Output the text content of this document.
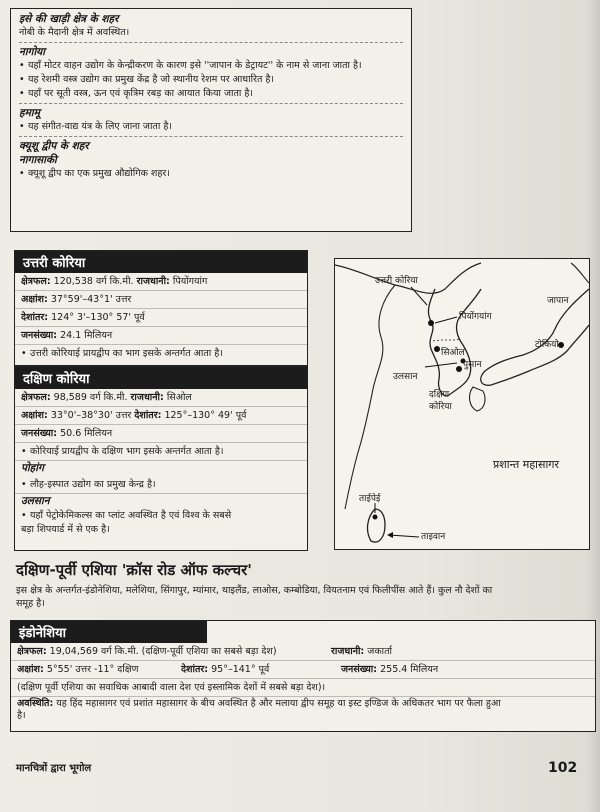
इसे की खाड़ी क्षेत्र के शहर
नोबी के मैदानी क्षेत्र में अवस्थित।
नागोया
• यहाँ मोटर वाहन उद्योग के केन्द्रीकरण के कारण इसे ''जापान के डेट्रायट'' के नाम से जाना जाता है।
• यह रेशमी वस्त्र उद्योग का प्रमुख केंद्र है जो स्थानीय रेशम पर आधारित है।
• यहाँ पर सूती वस्त्र, ऊन एवं कृत्रिम रबड़ का आयात किया जाता है।
हमामू
• यह संगीत-वाद्य यंत्र के लिए जाना जाता है।
क्यूशू द्वीप के शहर
नागासाकी
• क्यूशू द्वीप का एक प्रमुख औद्योगिक शहर।
उत्तरी कोरिया
क्षेत्रफल: 120,538 वर्ग कि.मी. राजधानी: पियोंगयांग
अक्षांश: 37°59'–43°1' उत्तर
देशांतर: 124° 3'–130° 57' पूर्व
जनसंख्या: 24.1 मिलियन
• उत्तरी कोरियाई प्रायद्वीप का भाग इसके अन्तर्गत आता है।
दक्षिण कोरिया
क्षेत्रफल: 98,589 वर्ग कि.मी. राजधानी: सिओल
अक्षांश: 33°0'–38°30' उत्तर देशांतर: 125°–130° 49' पूर्व
जनसंख्या: 50.6 मिलियन
• कोरियाई प्रायद्वीप के दक्षिण भाग इसके अन्तर्गत आता है।
पोहांग
• लौह-इस्पात उद्योग का प्रमुख केन्द्र है।
उलसान
• यहाँ पेट्रोकेमिकल्स का प्लांट अवस्थित है एवं विश्व के सबसे
बड़ा शिपयार्ड में से एक है।
उत्तरी कोरिया
पियोंगयांग
जापान
टोकियो
सिओल
पुसान
उलसान
दक्षिण
कोरिया
प्रशान्त महासागर
ताईपेई
ताइवान
दक्षिण-पूर्वी एशिया 'क्रॉस रोड ऑफ कल्चर'
इस क्षेत्र के अन्तर्गत-इंडोनेशिया, मलेशिया, सिंगापुर, म्यांमार, थाइलैंड, लाओस, कम्बोडिया, वियतनाम एवं फिलीपींस आते हैं। कुल नौ देशों का
समूह है।
इंडोनेशिया
क्षेत्रफल: 19,04,569 वर्ग कि.मी. (दक्षिण-पूर्वी एशिया का सबसे बड़ा देश)	राजधानी: जकार्ता
अक्षांश: 5°55' उत्तर -11° दक्षिण	देशांतर: 95°–141° पूर्व	जनसंख्या: 255.4 मिलियन
(दक्षिण पूर्वी एशिया का सवाधिक आबादी वाला देश एवं इस्लामिक देशों में सबसे बड़ा देश)।
अवस्थिति: यह हिंद महासागर एवं प्रशांत महासागर के बीच अवस्थित है और मलाया द्वीप समूह या इस्ट इण्डिज के अधिकतर भाग पर फैला हुआ
है।
मानचित्रों द्वारा भूगोल	102
